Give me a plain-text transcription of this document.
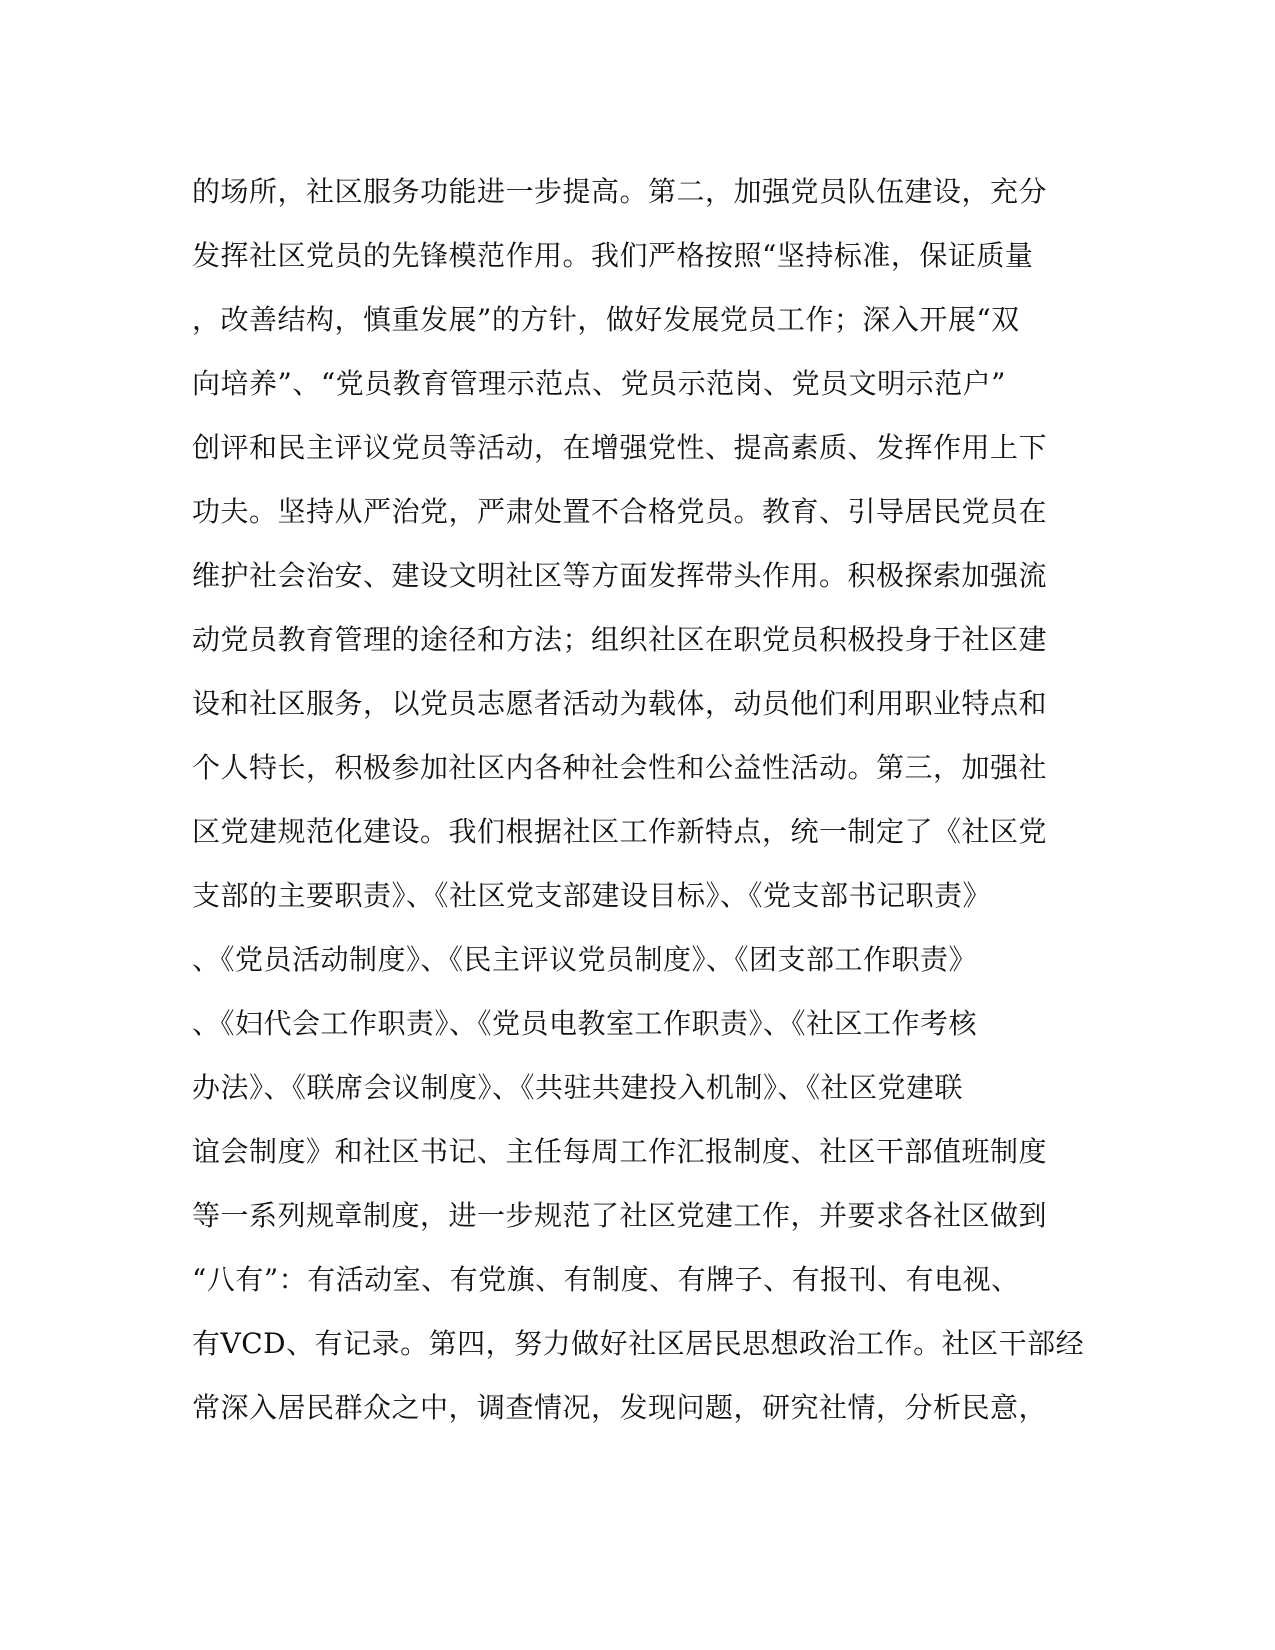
的场所，社区服务功能进一步提高。第二，加强党员队伍建设，充分
发挥社区党员的先锋模范作用。我们严格按照“坚持标准，保证质量
，改善结构，慎重发展”的方针，做好发展党员工作；深入开展“双
向培养”、“党员教育管理示范点、党员示范岗、党员文明示范户”
创评和民主评议党员等活动，在增强党性、提高素质、发挥作用上下
功夫。坚持从严治党，严肃处置不合格党员。教育、引导居民党员在
维护社会治安、建设文明社区等方面发挥带头作用。积极探索加强流
动党员教育管理的途径和方法；组织社区在职党员积极投身于社区建
设和社区服务，以党员志愿者活动为载体，动员他们利用职业特点和
个人特长，积极参加社区内各种社会性和公益性活动。第三，加强社
区党建规范化建设。我们根据社区工作新特点，统一制定了《社区党
支部的主要职责》、《社区党支部建设目标》、《党支部书记职责》
、《党员活动制度》、《民主评议党员制度》、《团支部工作职责》
、《妇代会工作职责》、《党员电教室工作职责》、《社区工作考核
办法》、《联席会议制度》、《共驻共建投入机制》、《社区党建联
谊会制度》和社区书记、主任每周工作汇报制度、社区干部值班制度
等一系列规章制度，进一步规范了社区党建工作，并要求各社区做到
“八有”：有活动室、有党旗、有制度、有牌子、有报刊、有电视、
有VCD、有记录。第四，努力做好社区居民思想政治工作。社区干部经
常深入居民群众之中，调查情况，发现问题，研究社情，分析民意，
